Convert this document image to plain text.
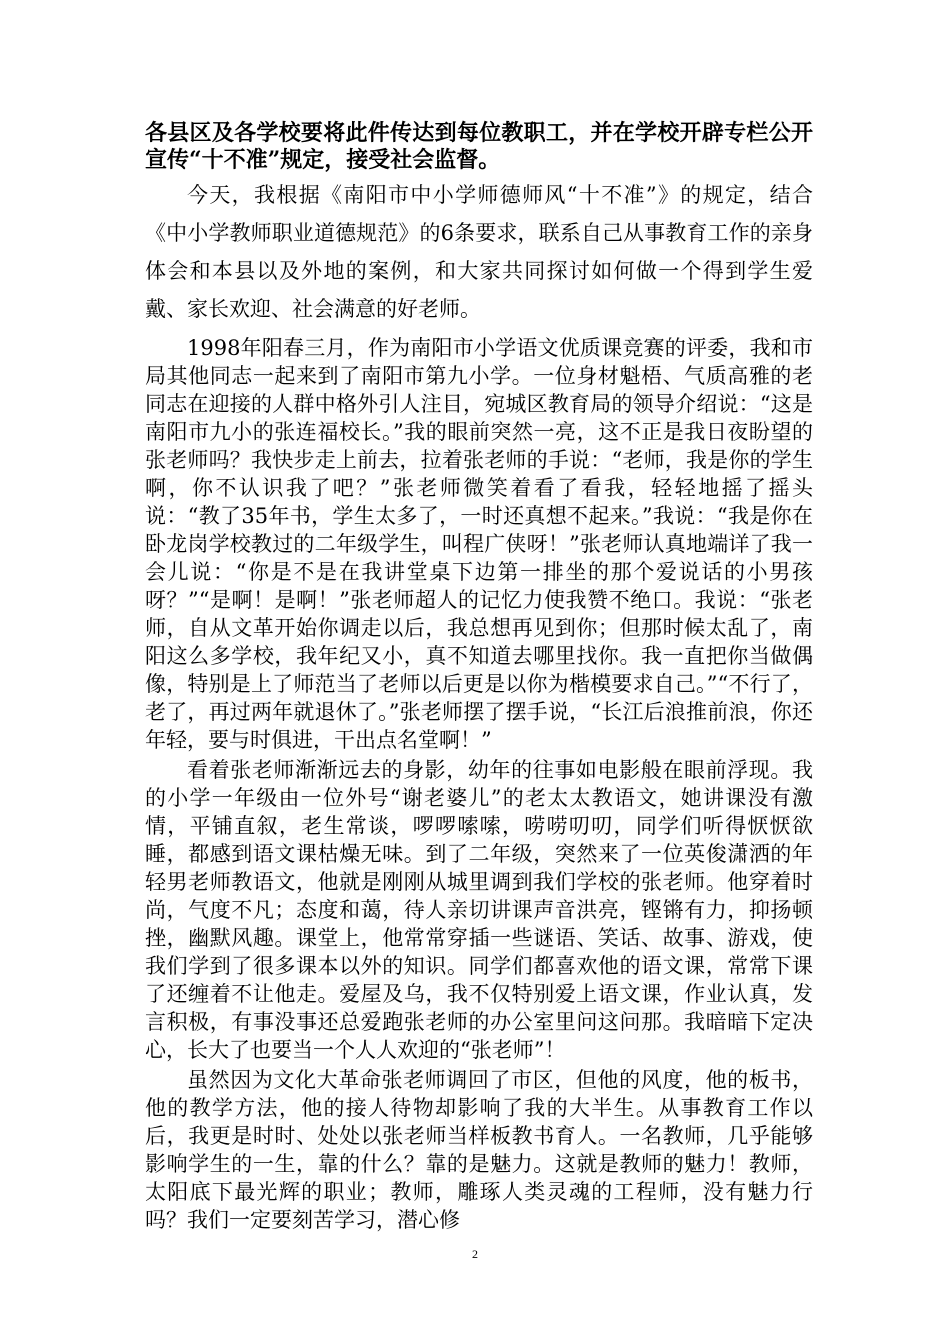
各县区及各学校要将此件传达到每位教职工，并在学校开辟专栏公开宣传“十不准”规定，接受社会监督。

今天，我根据《南阳市中小学师德师风“十不准”》的规定，结合《中小学教师职业道德规范》的6条要求，联系自己从事教育工作的亲身体会和本县以及外地的案例，和大家共同探讨如何做一个得到学生爱戴、家长欢迎、社会满意的好老师。

1998年阳春三月，作为南阳市小学语文优质课竞赛的评委，我和市局其他同志一起来到了南阳市第九小学。一位身材魁梧、气质高雅的老同志在迎接的人群中格外引人注目，宛城区教育局的领导介绍说：“这是南阳市九小的张连福校长。”我的眼前突然一亮，这不正是我日夜盼望的张老师吗？我快步走上前去，拉着张老师的手说：“老师，我是你的学生啊，你不认识我了吧？”张老师微笑着看了看我，轻轻地摇了摇头说：“教了35年书，学生太多了，一时还真想不起来。”我说：“我是你在卧龙岗学校教过的二年级学生，叫程广侠呀！”张老师认真地端详了我一会儿说：“你是不是在我讲堂桌下边第一排坐的那个爱说话的小男孩呀？”“是啊！是啊！”张老师超人的记忆力使我赞不绝口。我说：“张老师，自从文革开始你调走以后，我总想再见到你；但那时候太乱了，南阳这么多学校，我年纪又小，真不知道去哪里找你。我一直把你当做偶像，特别是上了师范当了老师以后更是以你为楷模要求自己。”“不行了，老了，再过两年就退休了。”张老师摆了摆手说，“长江后浪推前浪，你还年轻，要与时俱进，干出点名堂啊！”

看着张老师渐渐远去的身影，幼年的往事如电影般在眼前浮现。我的小学一年级由一位外号“谢老婆儿”的老太太教语文，她讲课没有激情，平铺直叙，老生常谈，啰啰嗦嗦，唠唠叨叨，同学们听得恹恹欲睡，都感到语文课枯燥无味。到了二年级，突然来了一位英俊潇洒的年轻男老师教语文，他就是刚刚从城里调到我们学校的张老师。他穿着时尚，气度不凡；态度和蔼，待人亲切讲课声音洪亮，铿锵有力，抑扬顿挫，幽默风趣。课堂上，他常常穿插一些谜语、笑话、故事、游戏，使我们学到了很多课本以外的知识。同学们都喜欢他的语文课，常常下课了还缠着不让他走。爱屋及乌，我不仅特别爱上语文课，作业认真，发言积极，有事没事还总爱跑张老师的办公室里问这问那。我暗暗下定决心，长大了也要当一个人人欢迎的“张老师”！

虽然因为文化大革命张老师调回了市区，但他的风度，他的板书，他的教学方法，他的接人待物却影响了我的大半生。从事教育工作以后，我更是时时、处处以张老师当样板教书育人。一名教师，几乎能够影响学生的一生，靠的什么？靠的是魅力。这就是教师的魅力！教师，太阳底下最光辉的职业；教师，雕琢人类灵魂的工程师，没有魅力行吗？我们一定要刻苦学习，潜心修

2
